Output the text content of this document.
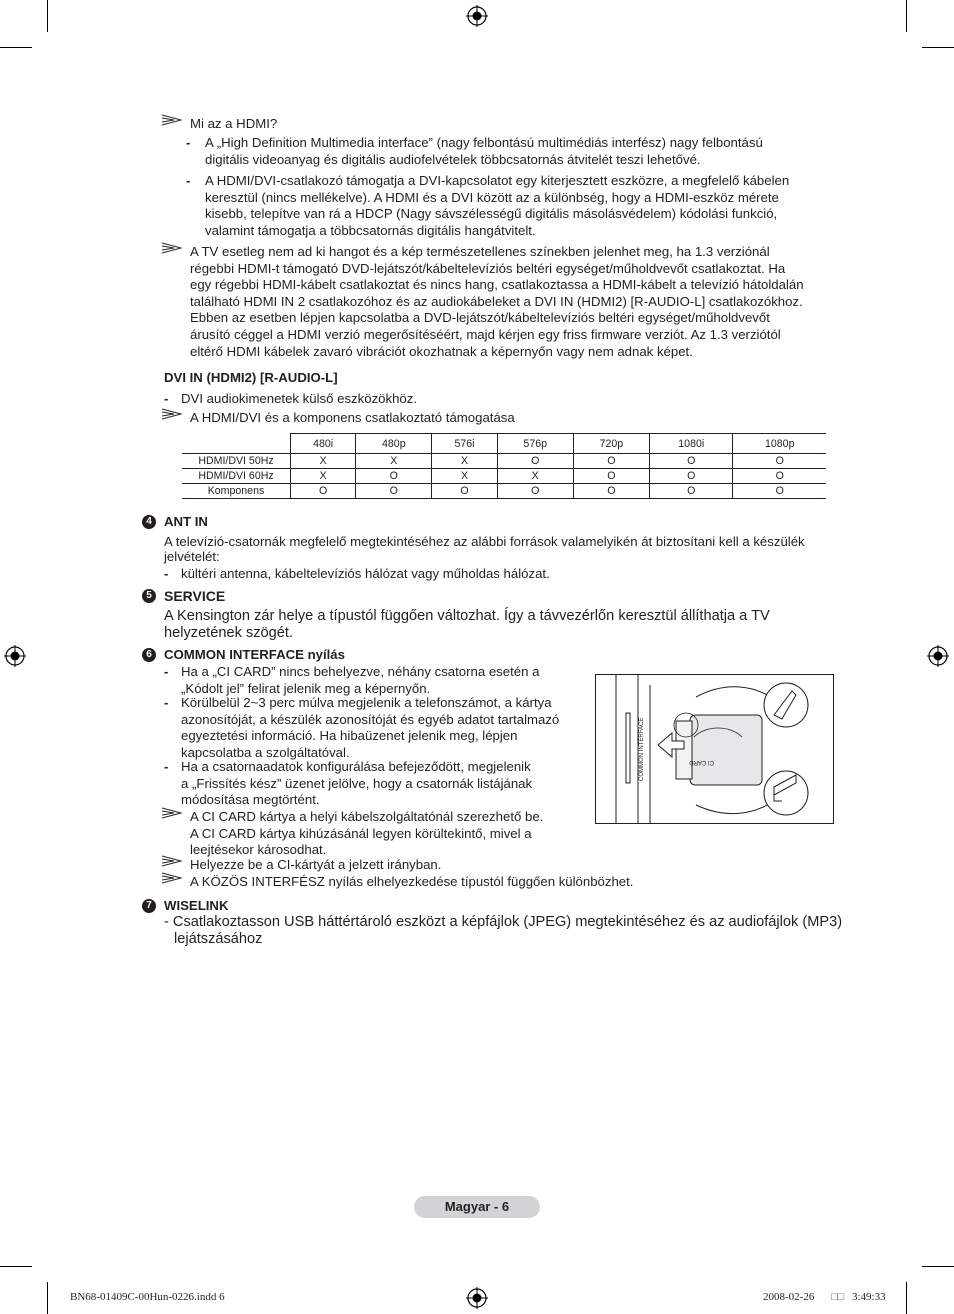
Mi az a HDMI?
- A „High Definition Multimedia interface” (nagy felbontású multimédiás interfész) nagy felbontású
digitális videoanyag és digitális audiofelvételek többcsatornás átvitelét teszi lehetővé.
- A HDMI/DVI-csatlakozó támogatja a DVI-kapcsolatot egy kiterjesztett eszközre, a megfelelő kábelen
keresztül (nincs mellékelve). A HDMI és a DVI között az a különbség, hogy a HDMI-eszköz mérete
kisebb, telepítve van rá a HDCP (Nagy sávszélességű digitális másolásvédelem) kódolási funkció,
valamint támogatja a többcsatornás digitális hangátvitelt.
A TV esetleg nem ad ki hangot és a kép természetellenes színekben jelenhet meg, ha 1.3 verziónál
régebbi HDMI-t támogató DVD-lejátszót/kábeltelevíziós beltéri egységet/műholdvevőt csatlakoztat. Ha
egy régebbi HDMI-kábelt csatlakoztat és nincs hang, csatlakoztassa a HDMI-kábelt a televízió hátoldalán
található HDMI IN 2 csatlakozóhoz és az audiokábeleket a DVI IN (HDMI2) [R-AUDIO-L] csatlakozókhoz.
Ebben az esetben lépjen kapcsolatba a DVD-lejátszót/kábeltelevíziós beltéri egységet/műholdvevőt
árusító céggel a HDMI verzió megerősítéséért, majd kérjen egy friss firmware verziót. Az 1.3 verziótól
eltérő HDMI kábelek zavaró vibrációt okozhatnak a képernyőn vagy nem adnak képet.
DVI IN (HDMI2) [R-AUDIO-L]
- DVI audiokimenetek külső eszközökhöz.
A HDMI/DVI és a komponens csatlakoztató támogatása
	480i	480p	576i	576p	720p	1080i	1080p
HDMI/DVI 50Hz	X	X	X	O	O	O	O
HDMI/DVI 60Hz	X	O	X	X	O	O	O
Komponens	O	O	O	O	O	O	O
4 ANT IN
A televízió-csatornák megfelelő megtekintéséhez az alábbi források valamelyikén át biztosítani kell a készülék
jelvételét:
- kültéri antenna, kábeltelevíziós hálózat vagy műholdas hálózat.
5 SERVICE
A Kensington zár helye a típustól függően változhat. Így a távvezérlőn keresztül állíthatja a TV
helyzetének szögét.
6 COMMON INTERFACE nyílás
- Ha a „CI CARD” nincs behelyezve, néhány csatorna esetén a
„Kódolt jel” felirat jelenik meg a képernyőn.
- Körülbelül 2~3 perc múlva megjelenik a telefonszámot, a kártya
azonosítóját, a készülék azonosítóját és egyéb adatot tartalmazó
egyeztetési információ. Ha hibaüzenet jelenik meg, lépjen
kapcsolatba a szolgáltatóval.
- Ha a csatornaadatok konfigurálása befejeződött, megjelenik
a „Frissítés kész” üzenet jelölve, hogy a csatornák listájának
módosítása megtörtént.
A CI CARD kártya a helyi kábelszolgáltatónál szerezhető be.
A CI CARD kártya kihúzásánál legyen körültekintő, mivel a
leejtésekor károsodhat.
Helyezze be a CI-kártyát a jelzett irányban.
A KÖZÖS INTERFÉSZ nyílás elhelyezkedése típustól függően különbözhet.
COMMON INTERFACE	CI CARD
7 WISELINK
- Csatlakoztasson USB háttértároló eszközt a képfájlok (JPEG) megtekintéséhez és az audiofájlok (MP3)
lejátszásához
Magyar - 6
BN68-01409C-00Hun-0226.indd 6	2008-02-26 □□ 3:49:33
